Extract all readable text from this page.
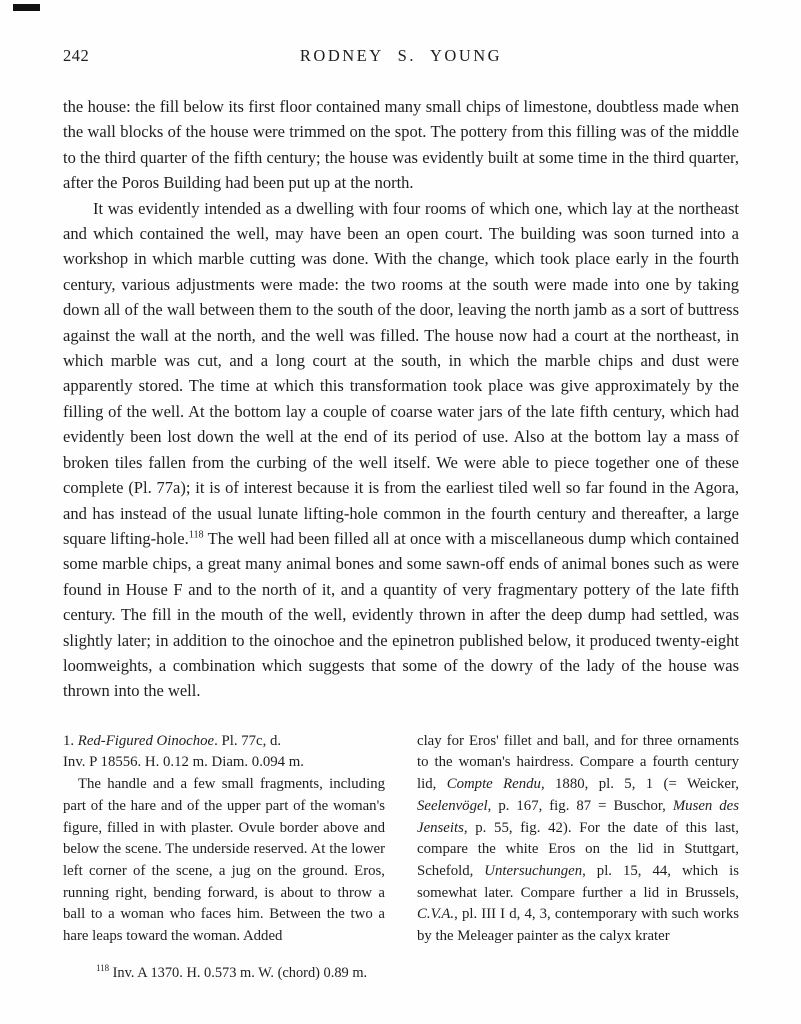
242	RODNEY S. YOUNG

the house: the fill below its first floor contained many small chips of limestone, doubtless made when the wall blocks of the house were trimmed on the spot. The pottery from this filling was of the middle to the third quarter of the fifth century; the house was evidently built at some time in the third quarter, after the Poros Building had been put up at the north.

It was evidently intended as a dwelling with four rooms of which one, which lay at the northeast and which contained the well, may have been an open court. The building was soon turned into a workshop in which marble cutting was done. With the change, which took place early in the fourth century, various adjustments were made: the two rooms at the south were made into one by taking down all of the wall between them to the south of the door, leaving the north jamb as a sort of buttress against the wall at the north, and the well was filled. The house now had a court at the northeast, in which marble was cut, and a long court at the south, in which the marble chips and dust were apparently stored. The time at which this transformation took place was give approximately by the filling of the well. At the bottom lay a couple of coarse water jars of the late fifth century, which had evidently been lost down the well at the end of its period of use. Also at the bottom lay a mass of broken tiles fallen from the curbing of the well itself. We were able to piece together one of these complete (Pl. 77a); it is of interest because it is from the earliest tiled well so far found in the Agora, and has instead of the usual lunate lifting-hole common in the fourth century and thereafter, a large square lifting-hole.$^{118}$ The well had been filled all at once with a miscellaneous dump which contained some marble chips, a great many animal bones and some sawn-off ends of animal bones such as were found in House F and to the north of it, and a quantity of very fragmentary pottery of the late fifth century. The fill in the mouth of the well, evidently thrown in after the deep dump had settled, was slightly later; in addition to the oinochoe and the epinetron published below, it produced twenty-eight loomweights, a combination which suggests that some of the dowry of the lady of the house was thrown into the well.

1. Red-Figured Oinochoe. Pl. 77c, d.

Inv. P 18556. H. 0.12 m. Diam. 0.094 m.

The handle and a few small fragments, including part of the hare and of the upper part of the woman's figure, filled in with plaster. Ovule border above and below the scene. The underside reserved. At the lower left corner of the scene, a jug on the ground. Eros, running right, bending forward, is about to throw a ball to a woman who faces him. Between the two a hare leaps toward the woman. Added

clay for Eros' fillet and ball, and for three ornaments to the woman's hairdress. Compare a fourth century lid, Compte Rendu, 1880, pl. 5, 1 (= Weicker, Seelenvögel, p. 167, fig. 87 = Buschor, Musen des Jenseits, p. 55, fig. 42). For the date of this last, compare the white Eros on the lid in Stuttgart, Schefold, Untersuchungen, pl. 15, 44, which is somewhat later. Compare further a lid in Brussels, C.V.A., pl. III I d, 4, 3, contemporary with such works by the Meleager painter as the calyx krater

$^{118}$ Inv. A 1370. H. 0.573 m. W. (chord) 0.89 m.
